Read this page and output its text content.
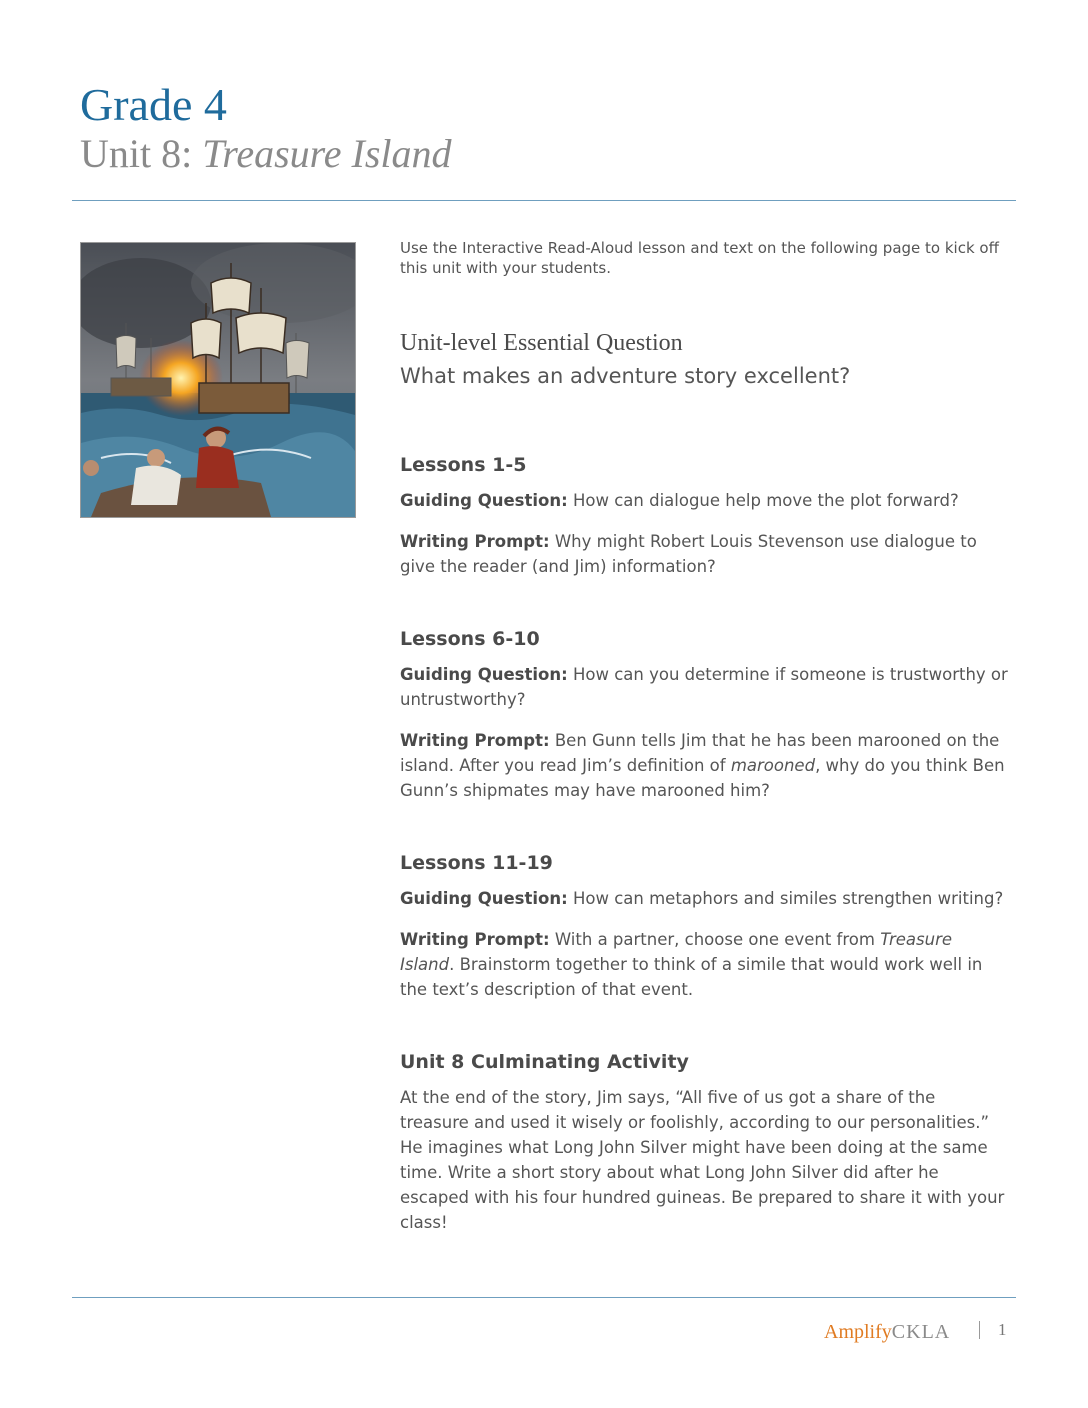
Grade 4
Unit 8: Treasure Island

Use the Interactive Read-Aloud lesson and text on the following page to kick off this unit with your students.

Unit-level Essential Question
What makes an adventure story excellent?
Lessons 1-5

Guiding Question: How can dialogue help move the plot forward?

Writing Prompt: Why might Robert Louis Stevenson use dialogue to give the reader (and Jim) information?

Lessons 6-10

Guiding Question: How can you determine if someone is trustworthy or untrustworthy?

Writing Prompt: Ben Gunn tells Jim that he has been marooned on the island. After you read Jim’s definition of marooned, why do you think Ben Gunn’s shipmates may have marooned him?

Lessons 11-19

Guiding Question: How can metaphors and similes strengthen writing?

Writing Prompt: With a partner, choose one event from Treasure Island. Brainstorm together to think of a simile that would work well in the text’s description of that event.

Unit 8 Culminating Activity

At the end of the story, Jim says, “All five of us got a share of the treasure and used it wisely or foolishly, according to our personalities.” He imagines what Long John Silver might have been doing at the same time. Write a short story about what Long John Silver did after he escaped with his four hundred guineas. Be prepared to share it with your class!

AmplifyCKLA	1
